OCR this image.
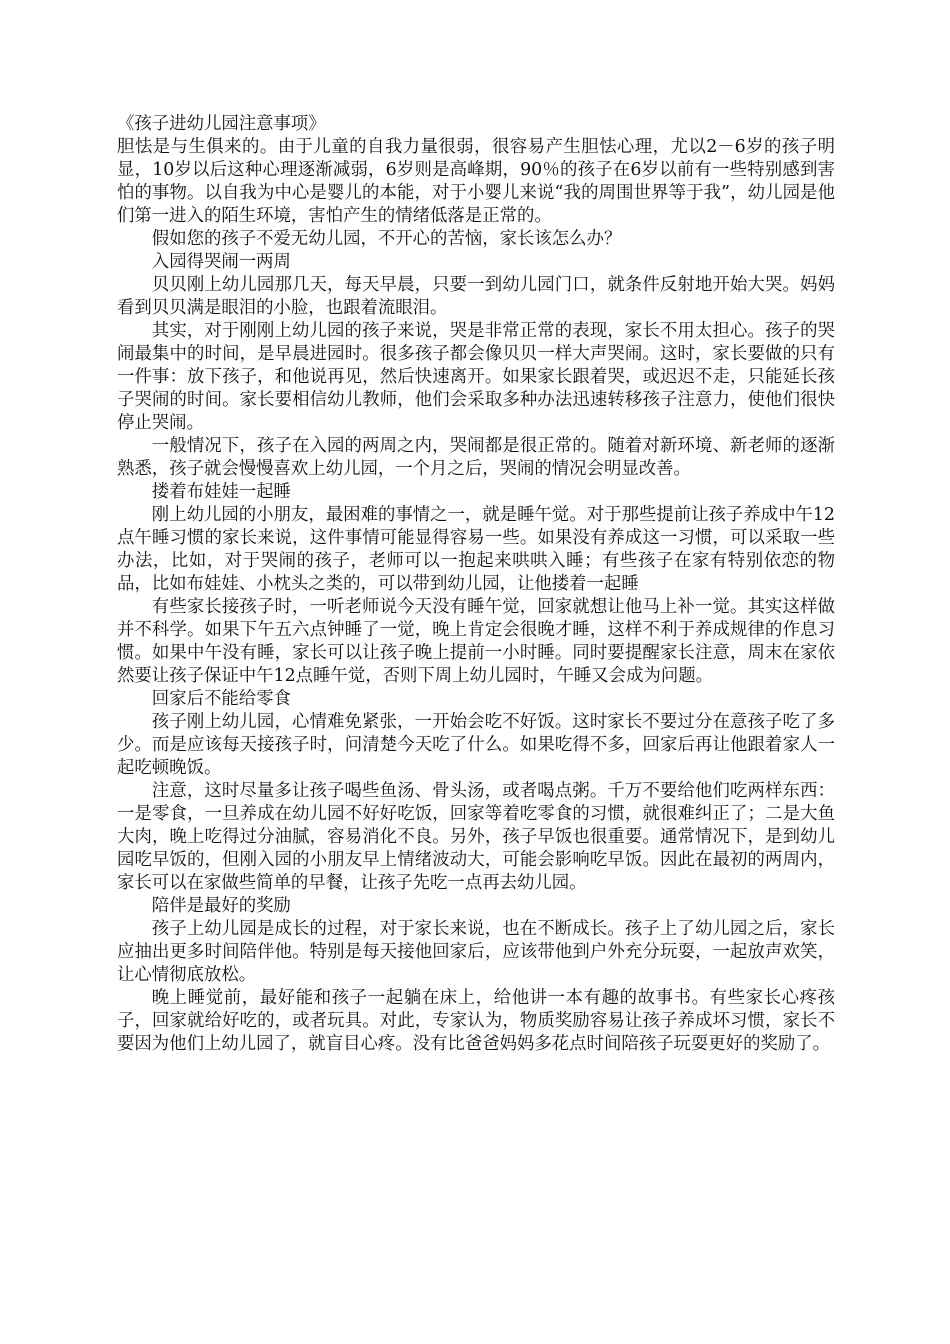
《孩子进幼儿园注意事项》

胆怯是与生俱来的。由于儿童的自我力量很弱，很容易产生胆怯心理，尤以2－6岁的孩子明显，10岁以后这种心理逐渐减弱，6岁则是高峰期，90％的孩子在6岁以前有一些特别感到害怕的事物。以自我为中心是婴儿的本能，对于小婴儿来说“我的周围世界等于我”，幼儿园是他们第一进入的陌生环境，害怕产生的情绪低落是正常的。

假如您的孩子不爱无幼儿园，不开心的苦恼，家长该怎么办？

入园得哭闹一两周

贝贝刚上幼儿园那几天，每天早晨，只要一到幼儿园门口，就条件反射地开始大哭。妈妈看到贝贝满是眼泪的小脸，也跟着流眼泪。

其实，对于刚刚上幼儿园的孩子来说，哭是非常正常的表现，家长不用太担心。孩子的哭闹最集中的时间，是早晨进园时。很多孩子都会像贝贝一样大声哭闹。这时，家长要做的只有一件事：放下孩子，和他说再见，然后快速离开。如果家长跟着哭，或迟迟不走，只能延长孩子哭闹的时间。家长要相信幼儿教师，他们会采取多种办法迅速转移孩子注意力，使他们很快停止哭闹。

一般情况下，孩子在入园的两周之内，哭闹都是很正常的。随着对新环境、新老师的逐渐熟悉，孩子就会慢慢喜欢上幼儿园，一个月之后，哭闹的情况会明显改善。

搂着布娃娃一起睡

刚上幼儿园的小朋友，最困难的事情之一，就是睡午觉。对于那些提前让孩子养成中午12点午睡习惯的家长来说，这件事情可能显得容易一些。如果没有养成这一习惯，可以采取一些办法，比如，对于哭闹的孩子，老师可以一抱起来哄哄入睡；有些孩子在家有特别依恋的物品，比如布娃娃、小枕头之类的，可以带到幼儿园，让他搂着一起睡

有些家长接孩子时，一听老师说今天没有睡午觉，回家就想让他马上补一觉。其实这样做并不科学。如果下午五六点钟睡了一觉，晚上肯定会很晚才睡，这样不利于养成规律的作息习惯。如果中午没有睡，家长可以让孩子晚上提前一小时睡。同时要提醒家长注意，周末在家依然要让孩子保证中午12点睡午觉，否则下周上幼儿园时，午睡又会成为问题。

回家后不能给零食

孩子刚上幼儿园，心情难免紧张，一开始会吃不好饭。这时家长不要过分在意孩子吃了多少。而是应该每天接孩子时，问清楚今天吃了什么。如果吃得不多，回家后再让他跟着家人一起吃顿晚饭。

注意，这时尽量多让孩子喝些鱼汤、骨头汤，或者喝点粥。千万不要给他们吃两样东西：一是零食，一旦养成在幼儿园不好好吃饭，回家等着吃零食的习惯，就很难纠正了；二是大鱼大肉，晚上吃得过分油腻，容易消化不良。另外，孩子早饭也很重要。通常情况下，是到幼儿园吃早饭的，但刚入园的小朋友早上情绪波动大，可能会影响吃早饭。因此在最初的两周内，家长可以在家做些简单的早餐，让孩子先吃一点再去幼儿园。

陪伴是最好的奖励

孩子上幼儿园是成长的过程，对于家长来说，也在不断成长。孩子上了幼儿园之后，家长应抽出更多时间陪伴他。特别是每天接他回家后，应该带他到户外充分玩耍，一起放声欢笑，让心情彻底放松。

晚上睡觉前，最好能和孩子一起躺在床上，给他讲一本有趣的故事书。有些家长心疼孩子，回家就给好吃的，或者玩具。对此，专家认为，物质奖励容易让孩子养成坏习惯，家长不要因为他们上幼儿园了，就盲目心疼。没有比爸爸妈妈多花点时间陪孩子玩耍更好的奖励了。
